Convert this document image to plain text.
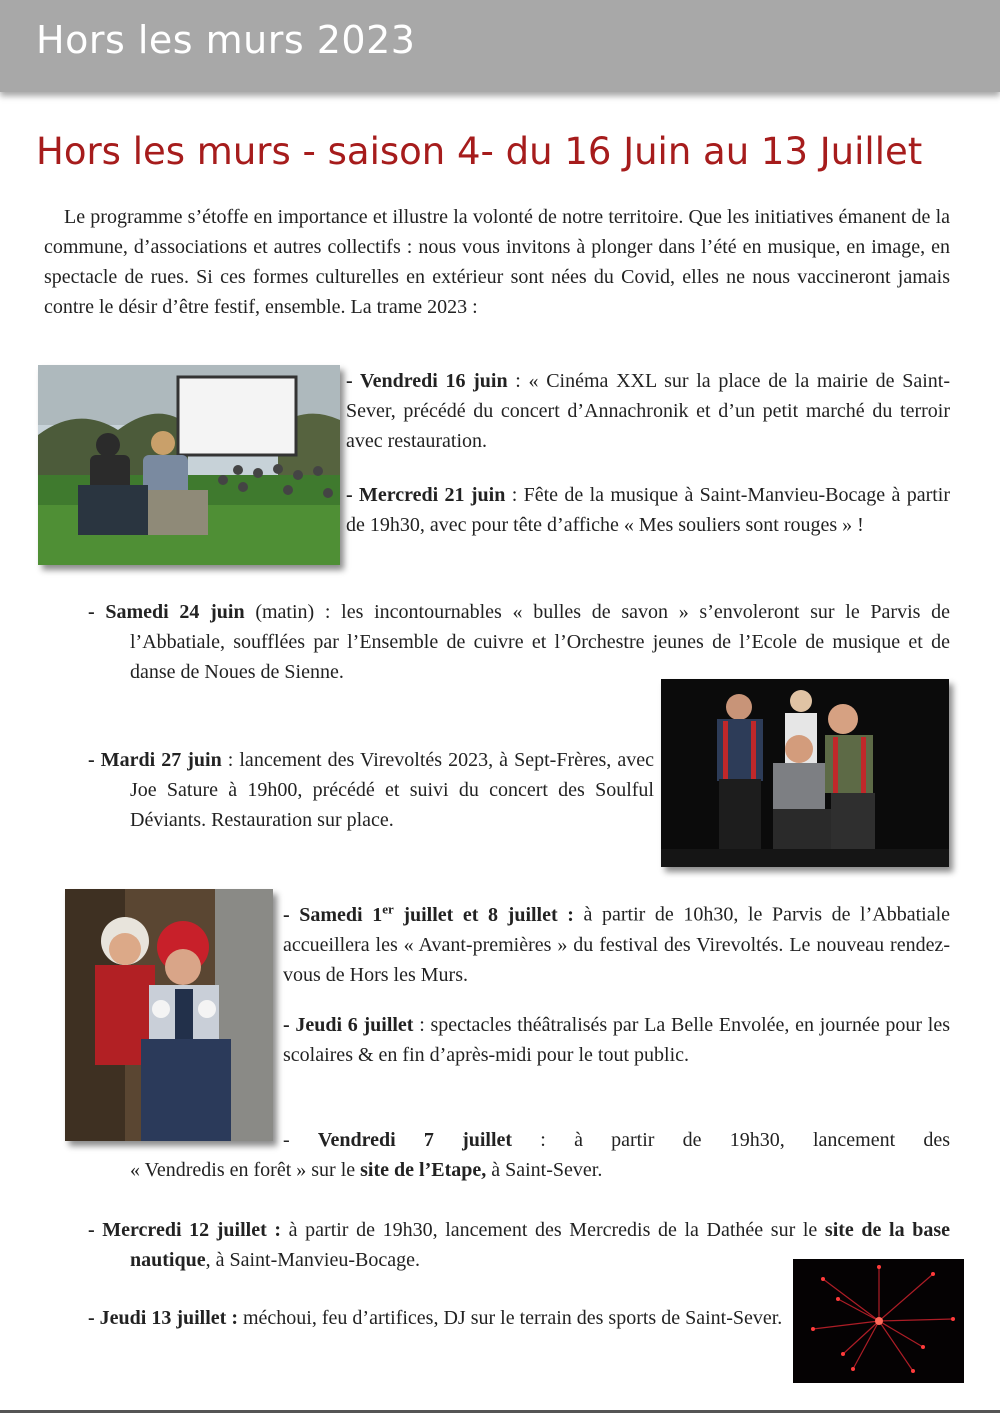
Hors les murs 2023
Hors les murs - saison 4- du 16 Juin au 13 Juillet

Le programme s’étoffe en importance et illustre la volonté de notre territoire. Que les initiatives émanent de la commune, d’associations et autres collectifs : nous vous invitons à plonger dans l’été en musique, en image, en spectacle de rues. Si ces formes culturelles en extérieur sont nées du Covid, elles ne nous vaccineront jamais contre le désir d’être festif, ensemble. La trame 2023 :

- Vendredi 16 juin : « Cinéma XXL sur la place de la mairie de Saint-Sever, précédé du concert d’Annachronik et d’un petit marché du terroir avec restauration.

- Mercredi 21 juin : Fête de la musique à Saint-Manvieu-Bocage à partir de 19h30, avec pour tête d’affiche « Mes souliers sont rouges » !

- Samedi 24 juin (matin) : les incontournables « bulles de savon » s’envoleront sur le Parvis de l’Abbatiale, soufflées par l’Ensemble de cuivre et l’Orchestre jeunes de l’Ecole de musique et de danse de Noues de Sienne.

- Mardi 27 juin : lancement des Virevoltés 2023, à Sept-Frères, avec Joe Sature à 19h00, précédé et suivi du concert des Soulful Déviants. Restauration sur place.

- Samedi 1er juillet et 8 juillet : à partir de 10h30, le Parvis de l’Abbatiale accueillera les « Avant-premières » du festival des Virevoltés. Le nouveau rendez-vous de Hors les Murs.

- Jeudi 6 juillet : spectacles théâtralisés par La Belle Envolée, en journée pour les scolaires & en fin d’après-midi pour le tout public.

- Vendredi 7 juillet : à partir de 19h30, lancement des

« Vendredis en forêt » sur le site de l’Etape, à Saint-Sever.

- Mercredi 12 juillet : à partir de 19h30, lancement des Mercredis de la Dathée sur le site de la base nautique, à Saint-Manvieu-Bocage.

- Jeudi 13 juillet : méchoui, feu d’artifices, DJ sur le terrain des sports de Saint-Sever.
